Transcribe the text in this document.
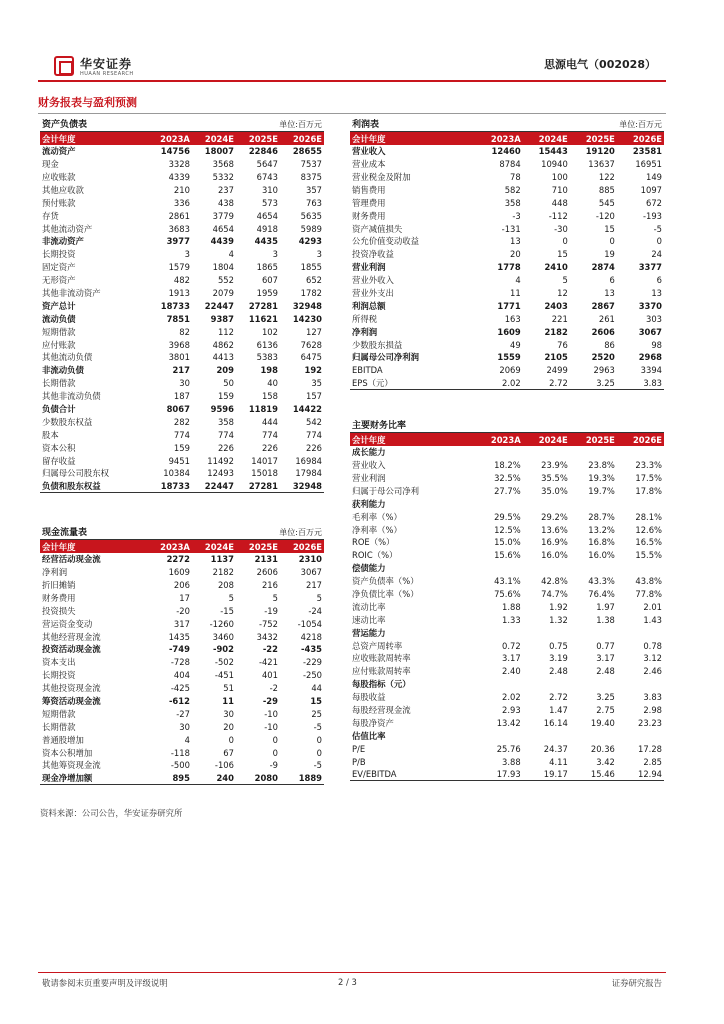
华安证券
HUAAN RESEARCH
思源电气（002028）
财务报表与盈利预测
资产负债表			单位:百万元	
会计年度	2023A	2024E	2025E	2026E
流动资产	14756	18007	22846	28655
现金	3328	3568	5647	7537
应收账款	4339	5332	6743	8375
其他应收款	210	237	310	357
预付账款	336	438	573	763
存货	2861	3779	4654	5635
其他流动资产	3683	4654	4918	5989
非流动资产	3977	4439	4435	4293
长期投资	3	4	3	3
固定资产	1579	1804	1865	1855
无形资产	482	552	607	652
其他非流动资产	1913	2079	1959	1782
资产总计	18733	22447	27281	32948
流动负债	7851	9387	11621	14230
短期借款	82	112	102	127
应付账款	3968	4862	6136	7628
其他流动负债	3801	4413	5383	6475
非流动负债	217	209	198	192
长期借款	30	50	40	35
其他非流动负债	187	159	158	157
负债合计	8067	9596	11819	14422
少数股东权益	282	358	444	542
股本	774	774	774	774
资本公积	159	226	226	226
留存收益	9451	11492	14017	16984
归属母公司股东权	10384	12493	15018	17984
负债和股东权益	18733	22447	27281	32948
利润表			单位:百万元	
会计年度	2023A	2024E	2025E	2026E
营业收入	12460	15443	19120	23581
营业成本	8784	10940	13637	16951
营业税金及附加	78	100	122	149
销售费用	582	710	885	1097
管理费用	358	448	545	672
财务费用	-3	-112	-120	-193
资产减值损失	-131	-30	15	-5
公允价值变动收益	13	0	0	0
投资净收益	20	15	19	24
营业利润	1778	2410	2874	3377
营业外收入	4	5	6	6
营业外支出	11	12	13	13
利润总额	1771	2403	2867	3370
所得税	163	221	261	303
净利润	1609	2182	2606	3067
少数股东损益	49	76	86	98
归属母公司净利润	1559	2105	2520	2968
EBITDA	2069	2499	2963	3394
EPS（元）	2.02	2.72	3.25	3.83
主要财务比率				
会计年度	2023A	2024E	2025E	2026E
成长能力				
营业收入	18.2%	23.9%	23.8%	23.3%
营业利润	32.5%	35.5%	19.3%	17.5%
归属于母公司净利	27.7%	35.0%	19.7%	17.8%
获利能力				
毛利率（%）	29.5%	29.2%	28.7%	28.1%
净利率（%）	12.5%	13.6%	13.2%	12.6%
ROE（%）	15.0%	16.9%	16.8%	16.5%
ROIC（%）	15.6%	16.0%	16.0%	15.5%
偿债能力				
资产负债率（%）	43.1%	42.8%	43.3%	43.8%
净负债比率（%）	75.6%	74.7%	76.4%	77.8%
流动比率	1.88	1.92	1.97	2.01
速动比率	1.33	1.32	1.38	1.43
营运能力				
总资产周转率	0.72	0.75	0.77	0.78
应收账款周转率	3.17	3.19	3.17	3.12
应付账款周转率	2.40	2.48	2.48	2.46
每股指标（元）				
每股收益	2.02	2.72	3.25	3.83
每股经营现金流	2.93	1.47	2.75	2.98
每股净资产	13.42	16.14	19.40	23.23
估值比率				
P/E	25.76	24.37	20.36	17.28
P/B	3.88	4.11	3.42	2.85
EV/EBITDA	17.93	19.17	15.46	12.94
现金流量表			单位:百万元	
会计年度	2023A	2024E	2025E	2026E
经营活动现金流	2272	1137	2131	2310
净利润	1609	2182	2606	3067
折旧摊销	206	208	216	217
财务费用	17	5	5	5
投资损失	-20	-15	-19	-24
营运资金变动	317	-1260	-752	-1054
其他经营现金流	1435	3460	3432	4218
投资活动现金流	-749	-902	-22	-435
资本支出	-728	-502	-421	-229
长期投资	404	-451	401	-250
其他投资现金流	-425	51	-2	44
筹资活动现金流	-612	11	-29	15
短期借款	-27	30	-10	25
长期借款	30	20	-10	-5
普通股增加	4	0	0	0
资本公积增加	-118	67	0	0
其他筹资现金流	-500	-106	-9	-5
现金净增加额	895	240	2080	1889
资料来源：公司公告，华安证券研究所
敬请参阅末页重要声明及评级说明	2 / 3	证券研究报告
